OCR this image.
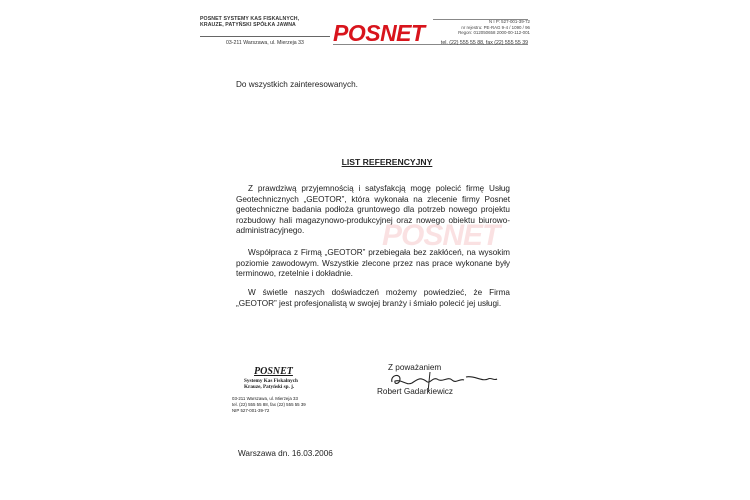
POSNET SYSTEMY KAS FISKALNYCH,
KRAUZE, PATYŃSKI SPÓŁKA JAWNA
03-211 Warszawa, ul. Mierzeja 33 POSNET	N I P: 527-001-39-72
nr rejestru: PE-RAG 9-4 / 1090 / 96
Regon: 012050658 2000-00-112-001
tel. (22) 555 55 88, fax (22) 555 55 39
Do wszystkich zainteresowanych.
LIST REFERENCYJNY
POSNET

Z prawdziwą przyjemnością i satysfakcją mogę polecić firmę Usług Geotechnicznych „GEOTOR”, która wykonała na zlecenie firmy Posnet geotechniczne badania podłoża gruntowego dla potrzeb nowego projektu rozbudowy hali magazynowo-produkcyjnej oraz nowego obiektu biurowo-administracyjnego.

Współpraca z Firmą „GEOTOR” przebiegała bez zakłóceń, na wysokim poziomie zawodowym. Wszystkie zlecone przez nas prace wykonane były terminowo, rzetelnie i dokładnie.

W świetle naszych doświadczeń możemy powiedzieć, że Firma „GEOTOR” jest profesjonalistą w swojej branży i śmiało polecić jej usługi.

POSNET
Systemy Kas Fiskalnych
Krauze, Patyński sp. j.
03-211 Warszawa, ul. Mierzeja 33
tel. (22) 555 55 88, fax (22) 555 55 39
NIP 527-001-39-72
Z poważaniem
Robert Gadarkiewicz
Warszawa dn. 16.03.2006
